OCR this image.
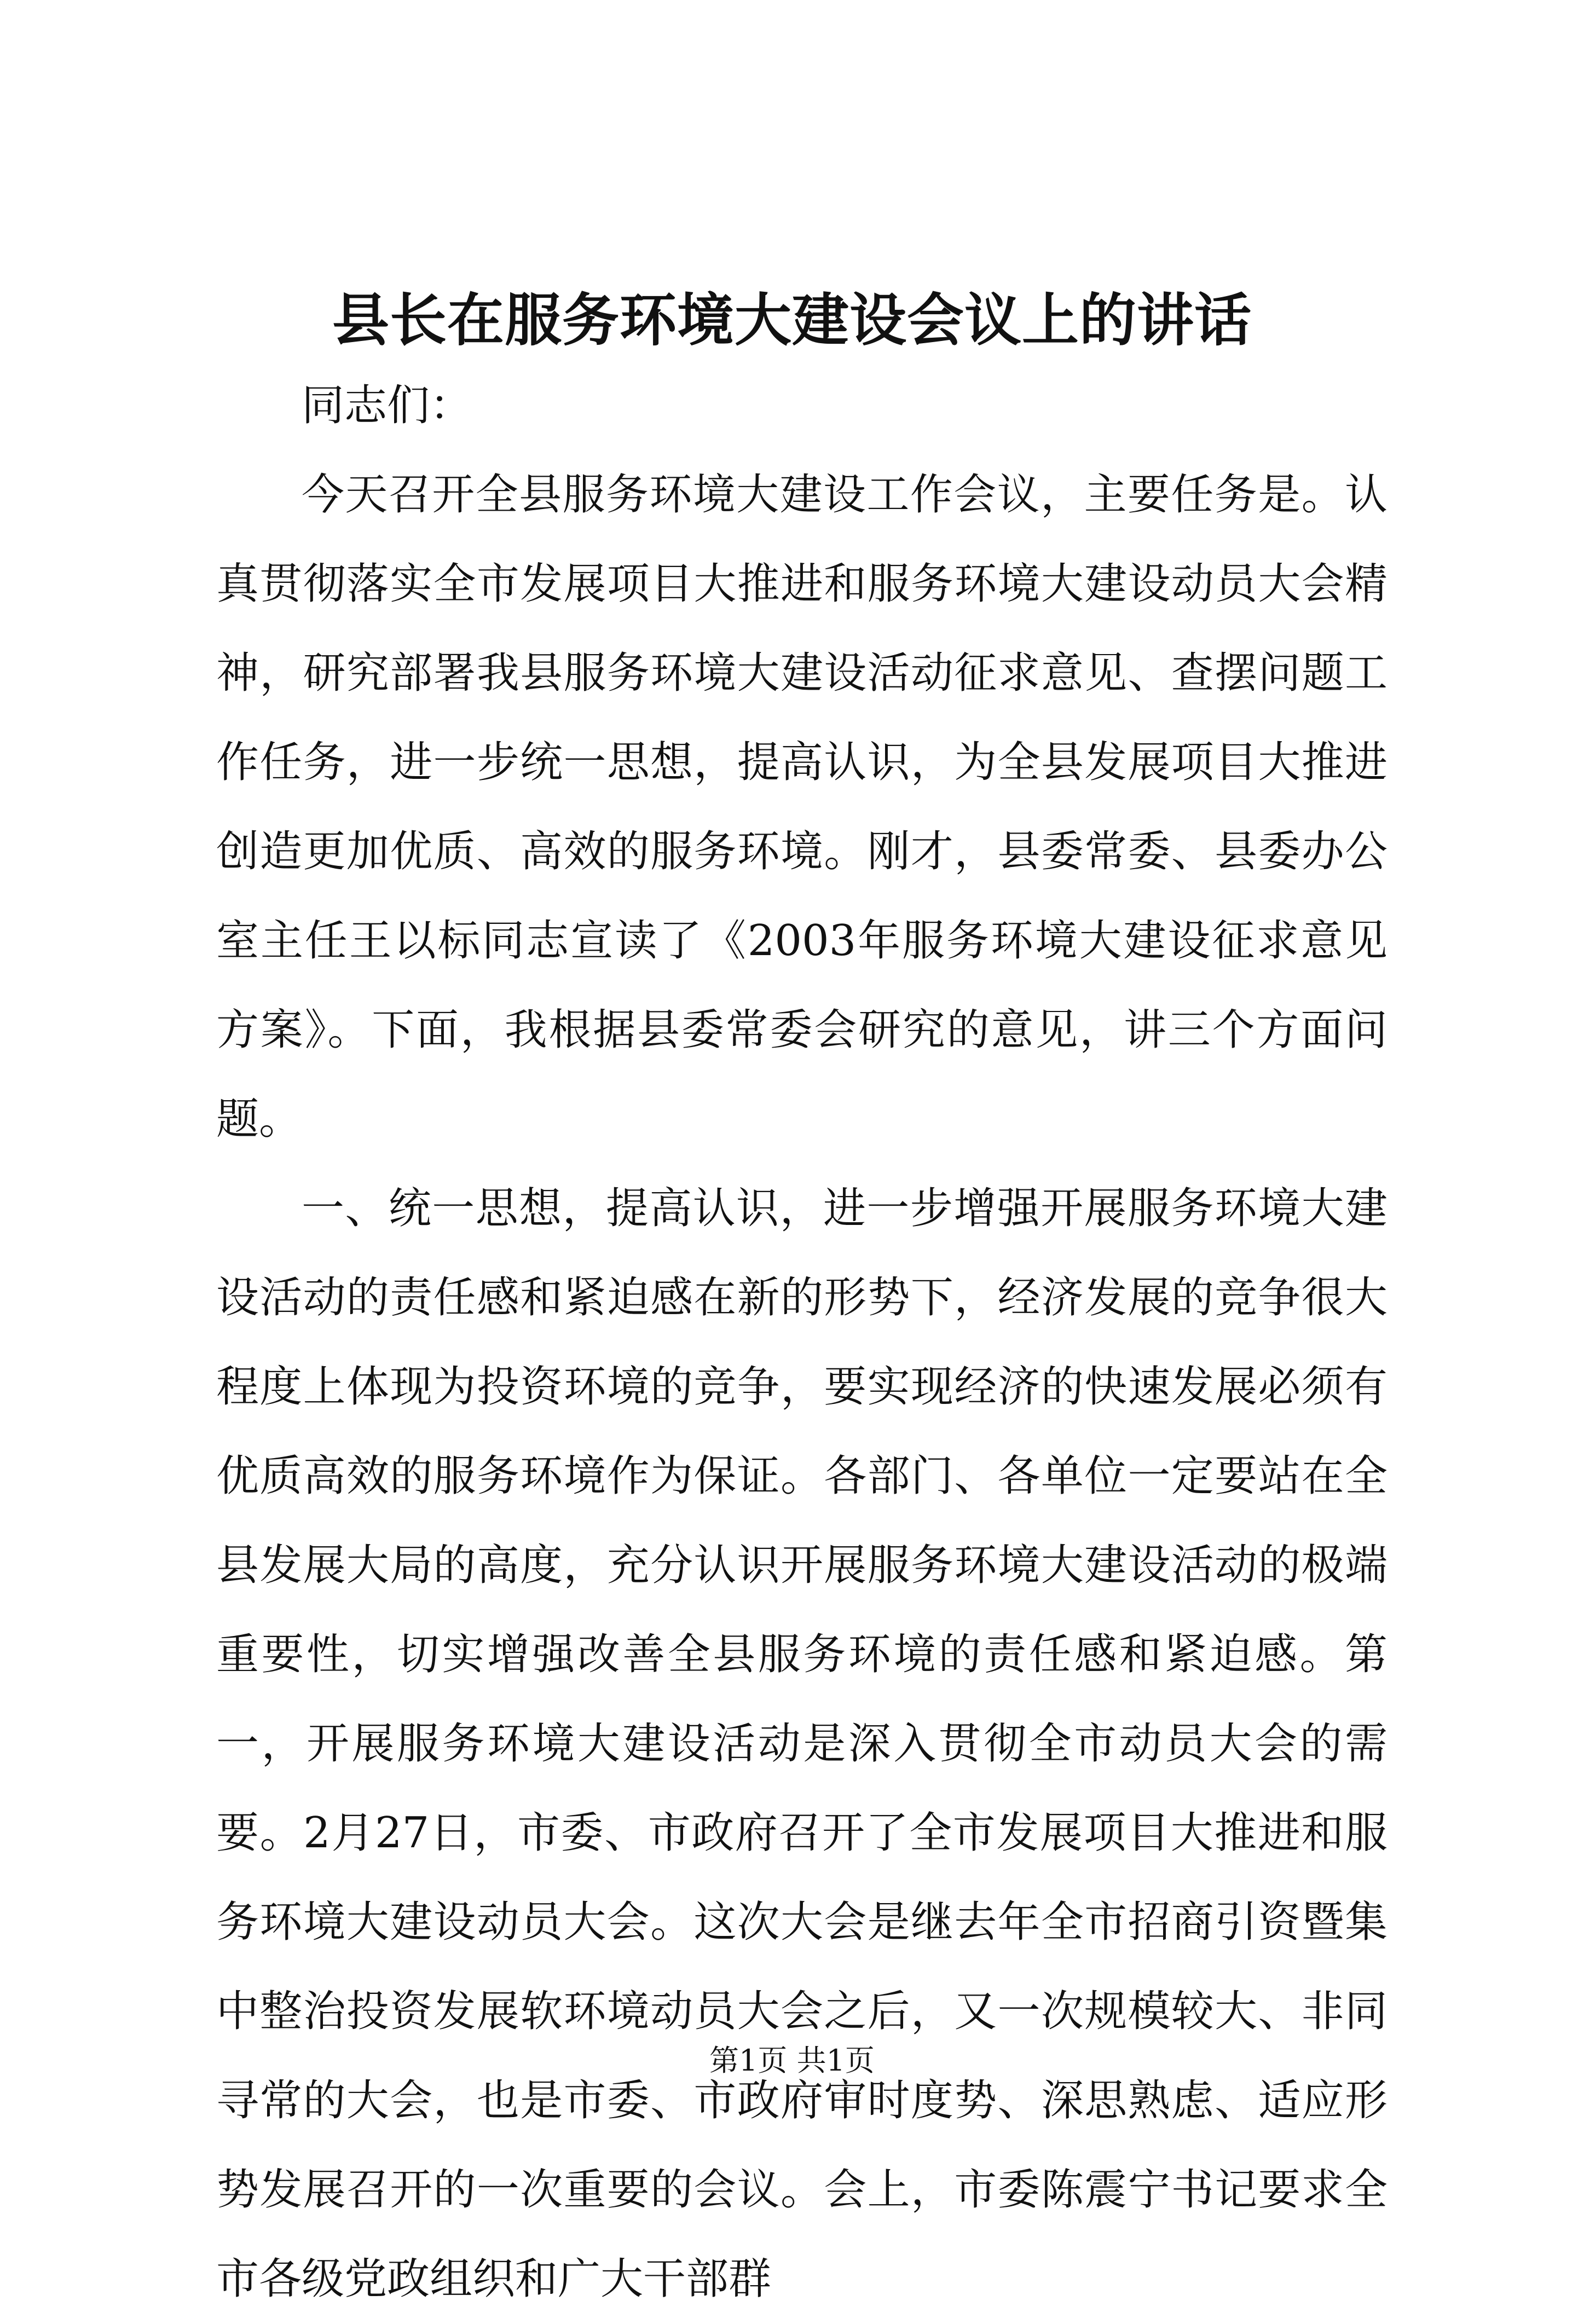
县长在服务环境大建设会议上的讲话

同志们：

今天召开全县服务环境大建设工作会议，主要任务是。认真贯彻落实全市发展项目大推进和服务环境大建设动员大会精神，研究部署我县服务环境大建设活动征求意见、查摆问题工作任务，进一步统一思想，提高认识，为全县发展项目大推进创造更加优质、高效的服务环境。刚才，县委常委、县委办公室主任王以标同志宣读了《2003年服务环境大建设征求意见方案》。下面，我根据县委常委会研究的意见，讲三个方面问题。

一、统一思想，提高认识，进一步增强开展服务环境大建设活动的责任感和紧迫感在新的形势下，经济发展的竞争很大程度上体现为投资环境的竞争，要实现经济的快速发展必须有优质高效的服务环境作为保证。各部门、各单位一定要站在全县发展大局的高度，充分认识开展服务环境大建设活动的极端重要性，切实增强改善全县服务环境的责任感和紧迫感。第一，开展服务环境大建设活动是深入贯彻全市动员大会的需要。2月27日，市委、市政府召开了全市发展项目大推进和服务环境大建设动员大会。这次大会是继去年全市招商引资暨集中整治投资发展软环境动员大会之后，又一次规模较大、非同寻常的大会，也是市委、市政府审时度势、深思熟虑、适应形势发展召开的一次重要的会议。会上，市委陈震宁书记要求全市各级党政组织和广大干部群

第1页 共1页
